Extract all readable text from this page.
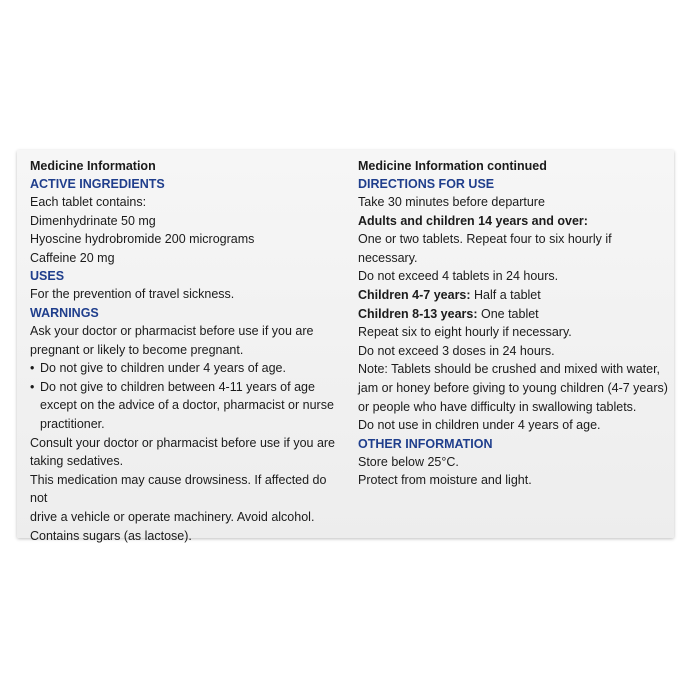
Medicine Information
ACTIVE INGREDIENTS
Each tablet contains:
Dimenhydrinate 50 mg
Hyoscine hydrobromide 200 micrograms
Caffeine 20 mg
USES
For the prevention of travel sickness.
WARNINGS
Ask your doctor or pharmacist before use if you are
pregnant or likely to become pregnant.
• Do not give to children under 4 years of age.
• Do not give to children between 4-11 years of age
except on the advice of a doctor, pharmacist or nurse
practitioner.
Consult your doctor or pharmacist before use if you are
taking sedatives.
This medication may cause drowsiness. If affected do not
drive a vehicle or operate machinery. Avoid alcohol.
Contains sugars (as lactose).
Medicine Information continued
DIRECTIONS FOR USE
Take 30 minutes before departure
Adults and children 14 years and over:
One or two tablets. Repeat four to six hourly if necessary.
Do not exceed 4 tablets in 24 hours.
Children 4-7 years: Half a tablet
Children 8-13 years: One tablet
Repeat six to eight hourly if necessary.
Do not exceed 3 doses in 24 hours.
Note: Tablets should be crushed and mixed with water,
jam or honey before giving to young children (4-7 years)
or people who have difficulty in swallowing tablets.
Do not use in children under 4 years of age.
OTHER INFORMATION
Store below 25°C.
Protect from moisture and light.
